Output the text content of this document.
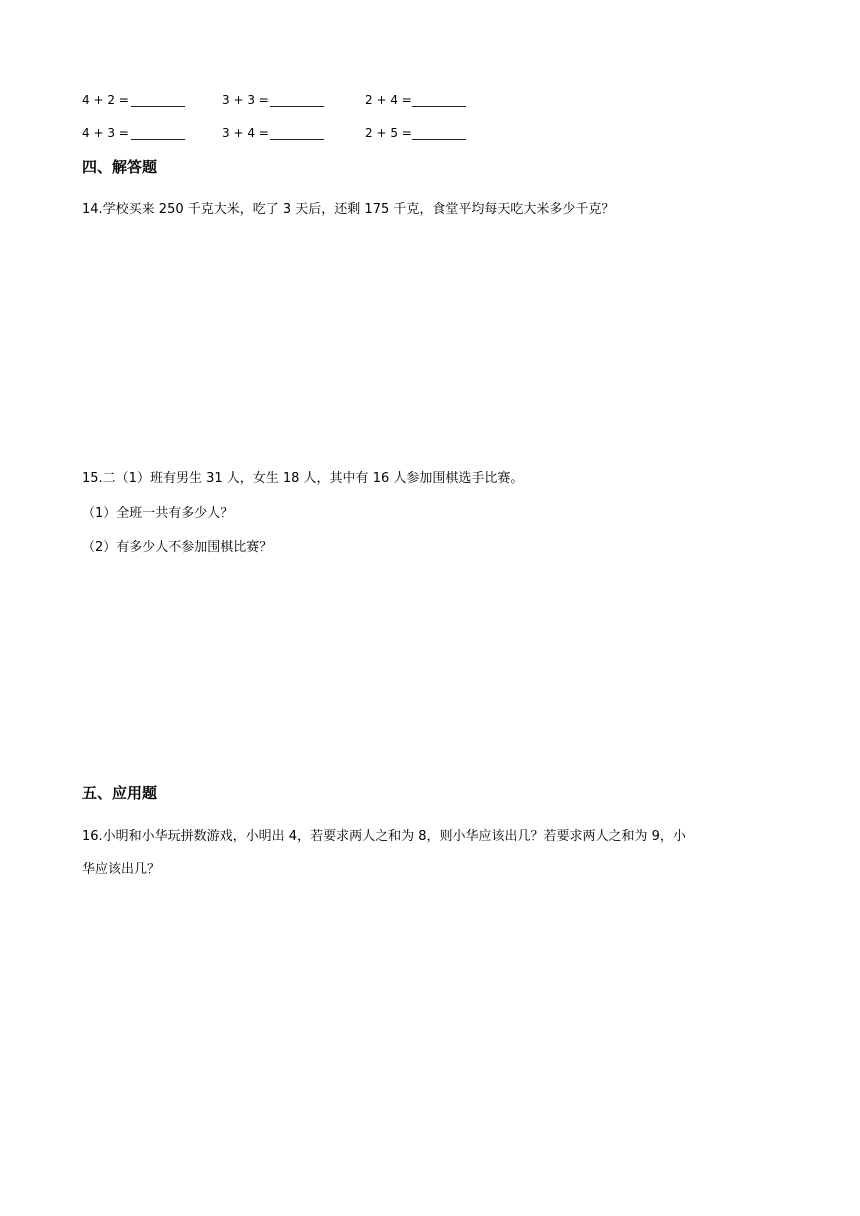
4 + 2 = _________	3 + 3 = _________	2 + 4 = _________
4 + 3 = _________	3 + 4 = _________	2 + 5 = _________
四、解答题
14.学校买来 250 千克大米，吃了 3 天后，还剩 175 千克，食堂平均每天吃大米多少千克？
15.二（1）班有男生 31 人，女生 18 人，其中有 16 人参加围棋选手比赛。
（1）全班一共有多少人？
（2）有多少人不参加围棋比赛？
五、应用题
16.小明和小华玩拼数游戏，小明出 4，若要求两人之和为 8，则小华应该出几？若要求两人之和为 9，小
华应该出几？
